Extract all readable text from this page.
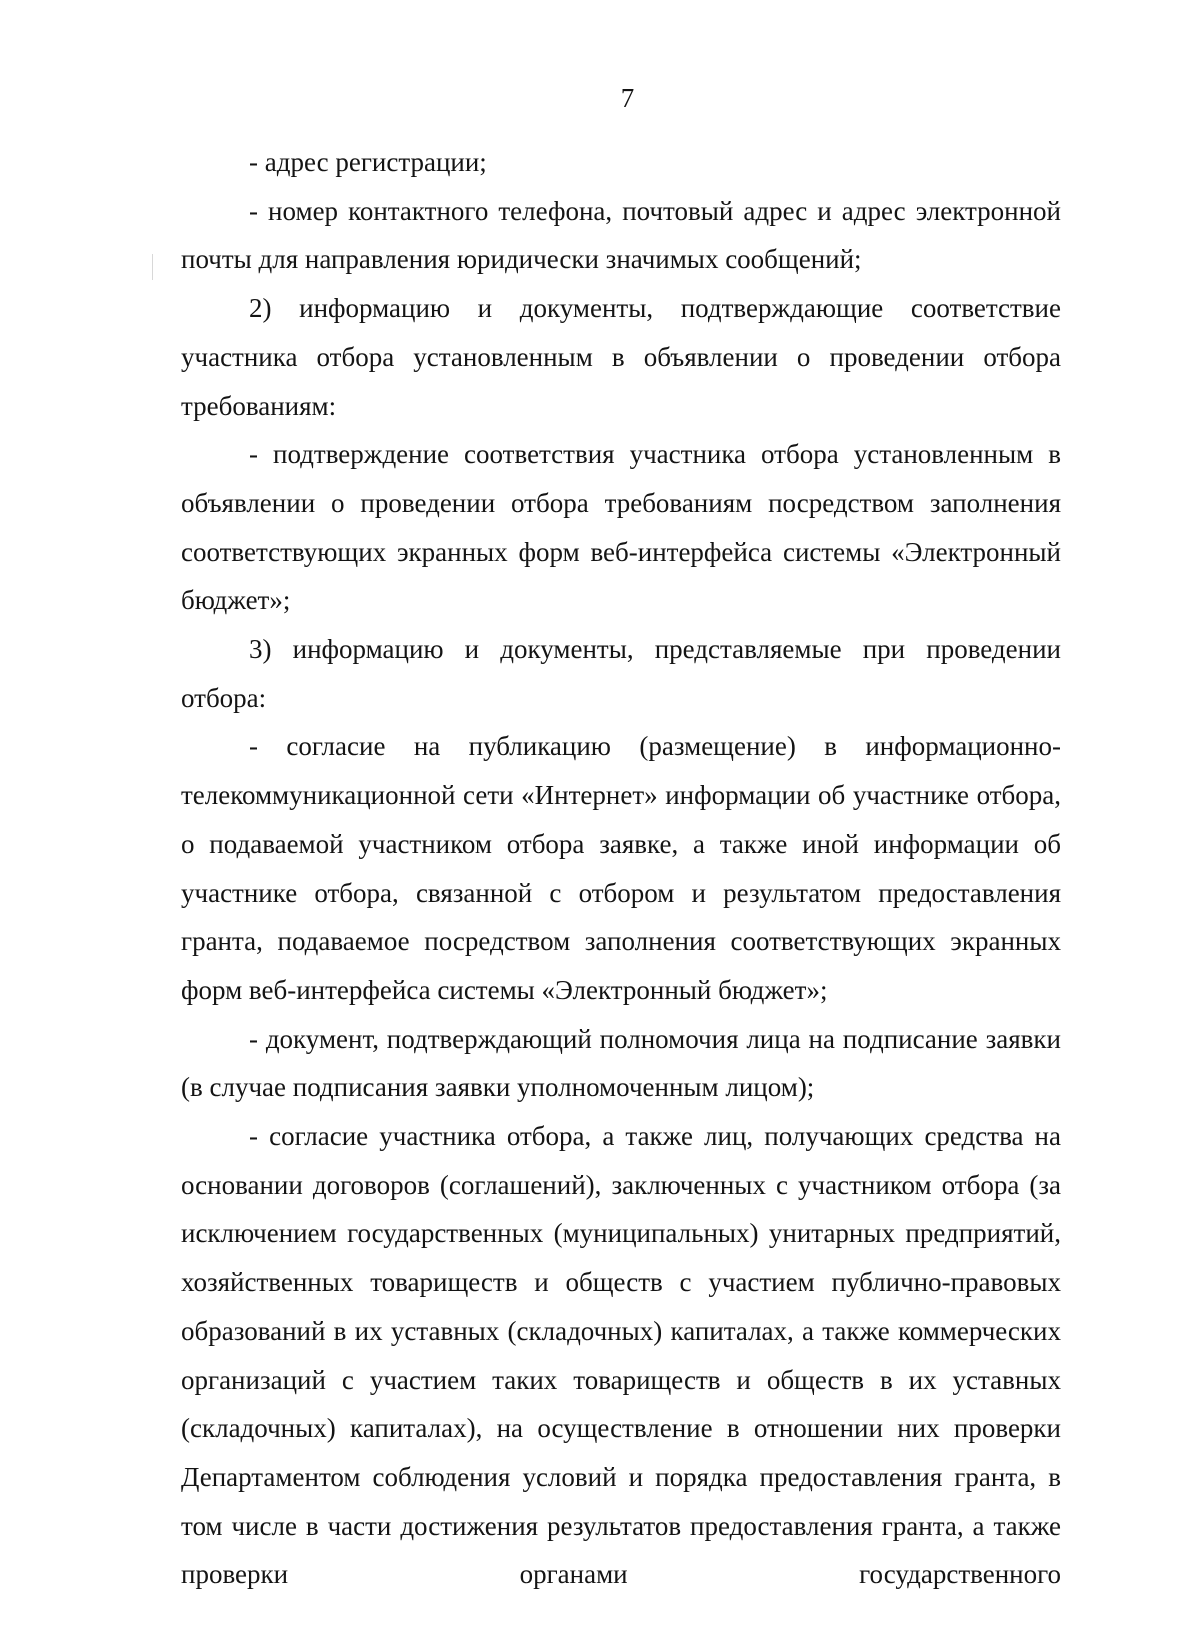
7

- адрес регистрации;

- номер контактного телефона, почтовый адрес и адрес электронной почты для направления юридически значимых сообщений;

2) информацию и документы, подтверждающие соответствие участника отбора установленным в объявлении о проведении отбора требованиям:

- подтверждение соответствия участника отбора установленным в объявлении о проведении отбора требованиям посредством заполнения соответствующих экранных форм веб-интерфейса системы «Электронный бюджет»;

3) информацию и документы, представляемые при проведении отбора:

- согласие на публикацию (размещение) в информационно-телекоммуникационной сети «Интернет» информации об участнике отбора, о подаваемой участником отбора заявке, а также иной информации об участнике отбора, связанной с отбором и результатом предоставления гранта, подаваемое посредством заполнения соответствующих экранных форм веб-интерфейса системы «Электронный бюджет»;

- документ, подтверждающий полномочия лица на подписание заявки (в случае подписания заявки уполномоченным лицом);

- согласие участника отбора, а также лиц, получающих средства на основании договоров (соглашений), заключенных с участником отбора (за исключением государственных (муниципальных) унитарных предприятий, хозяйственных товариществ и обществ с участием публично-правовых образований в их уставных (складочных) капиталах, а также коммерческих организаций с участием таких товариществ и обществ в их уставных (складочных) капиталах), на осуществление в отношении них проверки Департаментом соблюдения условий и порядка предоставления гранта, в том числе в части достижения результатов предоставления гранта, а также проверки органами государственного
